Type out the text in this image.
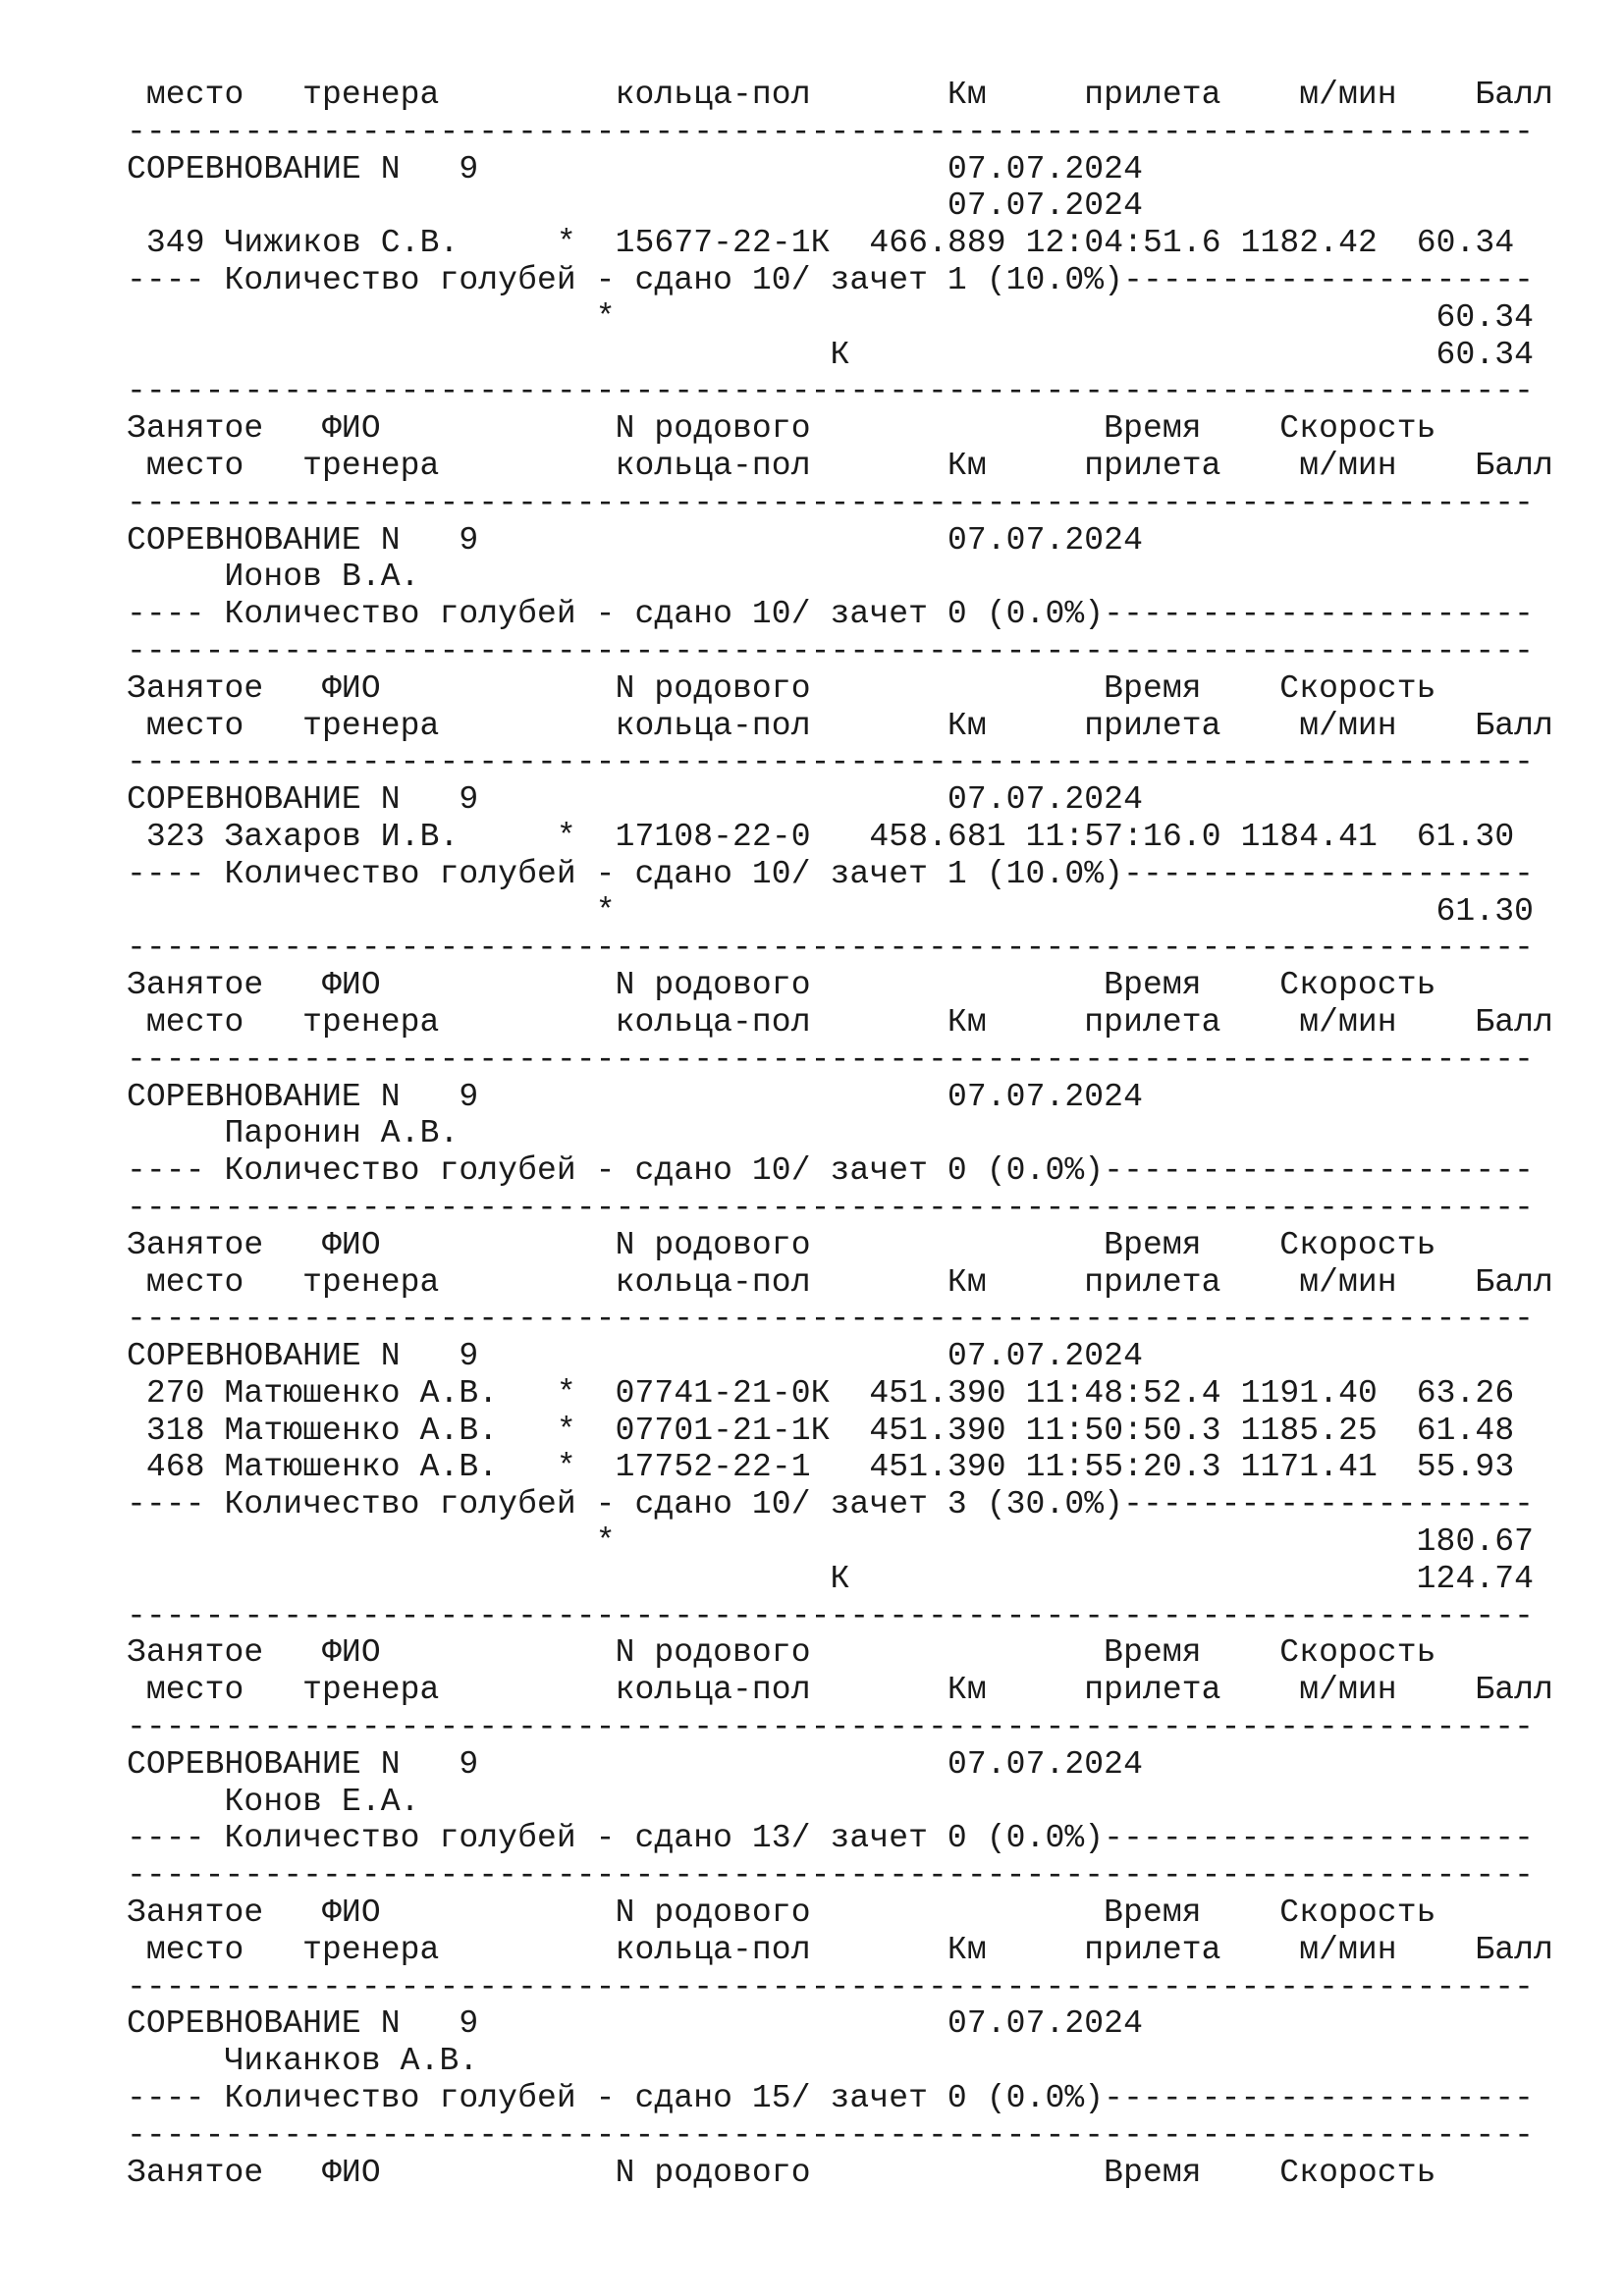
место   тренера         кольца-пол       Км     прилета    м/мин    Балл
------------------------------------------------------------------------
СОРЕВНОВАНИЕ N   9	07.07.2024
07.07.2024
349 Чижиков С.В.	* 15677-22-1К 466.889 12:04:51.6 1182.42 60.34
---- Количество голубей - сдано 10/ зачет 1 (10.0%)---------------------
*	60.34
К	60.34
------------------------------------------------------------------------
Занятое   ФИО            N родового               Время    Скорость
место   тренера         кольца-пол       Км     прилета    м/мин    Балл
------------------------------------------------------------------------
СОРЕВНОВАНИЕ N   9	07.07.2024
Ионов В.А.
---- Количество голубей - сдано 10/ зачет 0 (0.0%)----------------------
------------------------------------------------------------------------
Занятое   ФИО            N родового               Время    Скорость
место   тренера         кольца-пол       Км     прилета    м/мин    Балл
------------------------------------------------------------------------
СОРЕВНОВАНИЕ N   9	07.07.2024
323 Захаров И.В.	* 17108-22-0 458.681 11:57:16.0 1184.41 61.30
---- Количество голубей - сдано 10/ зачет 1 (10.0%)---------------------
*	61.30
------------------------------------------------------------------------
Занятое   ФИО            N родового               Время    Скорость
место   тренера         кольца-пол       Км     прилета    м/мин    Балл
------------------------------------------------------------------------
СОРЕВНОВАНИЕ N   9	07.07.2024
Паронин А.В.
---- Количество голубей - сдано 10/ зачет 0 (0.0%)----------------------
------------------------------------------------------------------------
Занятое   ФИО            N родового               Время    Скорость
место   тренера         кольца-пол       Км     прилета    м/мин    Балл
------------------------------------------------------------------------
СОРЕВНОВАНИЕ N   9	07.07.2024
270 Матюшенко А.В. * 07741-21-0К 451.390 11:48:52.4 1191.40 63.26
318 Матюшенко А.В. * 07701-21-1К 451.390 11:50:50.3 1185.25 61.48
468 Матюшенко А.В. * 17752-22-1 451.390 11:55:20.3 1171.41 55.93
---- Количество голубей - сдано 10/ зачет 3 (30.0%)---------------------
*	180.67
К	124.74
------------------------------------------------------------------------
Занятое   ФИО            N родового               Время    Скорость
место   тренера         кольца-пол       Км     прилета    м/мин    Балл
------------------------------------------------------------------------
СОРЕВНОВАНИЕ N   9	07.07.2024
Конов Е.А.
---- Количество голубей - сдано 13/ зачет 0 (0.0%)----------------------
------------------------------------------------------------------------
Занятое   ФИО            N родового               Время    Скорость
место   тренера         кольца-пол       Км     прилета    м/мин    Балл
------------------------------------------------------------------------
СОРЕВНОВАНИЕ N   9	07.07.2024
Чиканков А.В.
---- Количество голубей - сдано 15/ зачет 0 (0.0%)----------------------
------------------------------------------------------------------------
Занятое   ФИО            N родового               Время    Скорость
